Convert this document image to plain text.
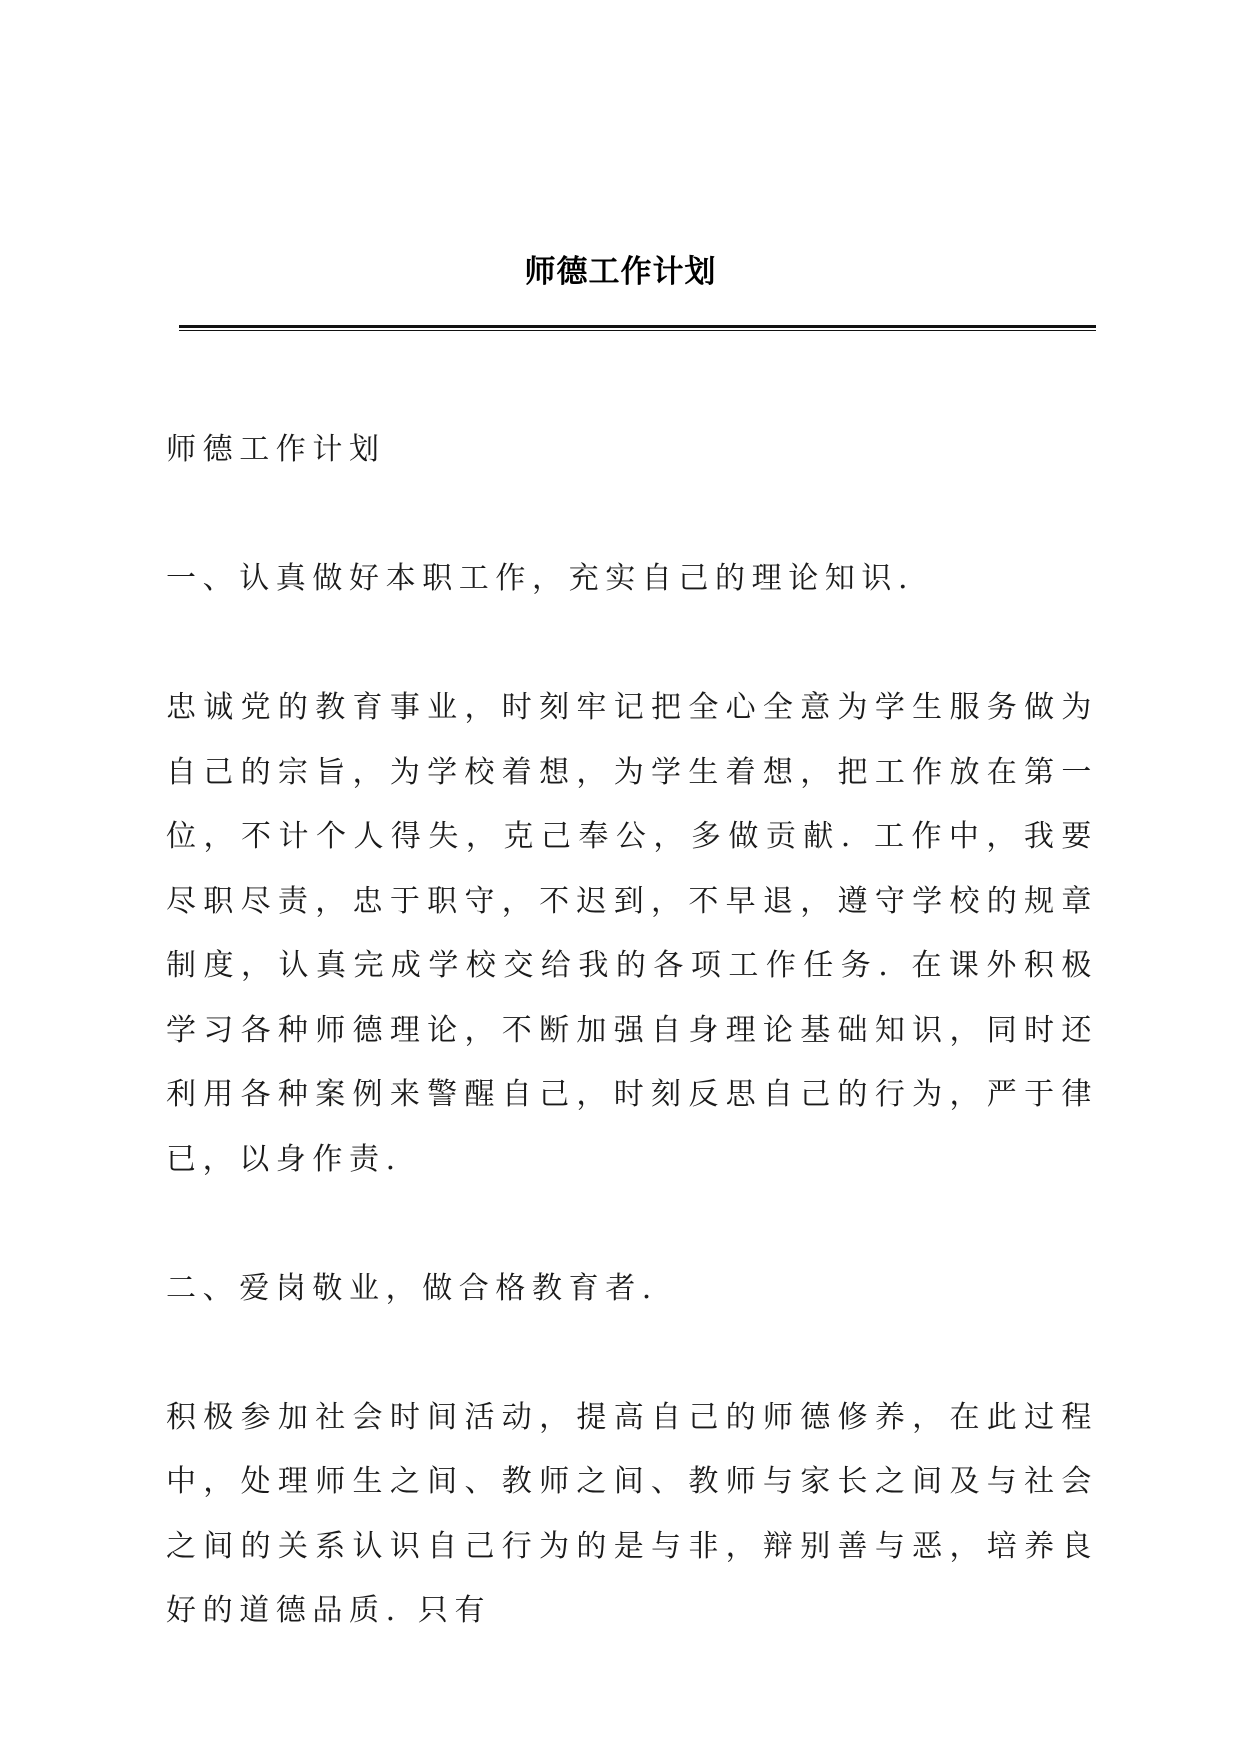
师德工作计划

师德工作计划

一、认真做好本职工作，充实自己的理论知识.

忠诚党的教育事业，时刻牢记把全心全意为学生服务做为自己的宗旨，为学校着想，为学生着想，把工作放在第一位，不计个人得失，克己奉公，多做贡献. 工作中，我要尽职尽责，忠于职守，不迟到，不早退，遵守学校的规章制度，认真完成学校交给我的各项工作任务. 在课外积极学习各种师德理论，不断加强自身理论基础知识，同时还利用各种案例来警醒自己，时刻反思自己的行为，严于律已，以身作责.

二、爱岗敬业，做合格教育者.

积极参加社会时间活动，提高自己的师德修养，在此过程中，处理师生之间、教师之间、教师与家长之间及与社会之间的关系认识自己行为的是与非，辩别善与恶，培养良好的道德品质. 只有
